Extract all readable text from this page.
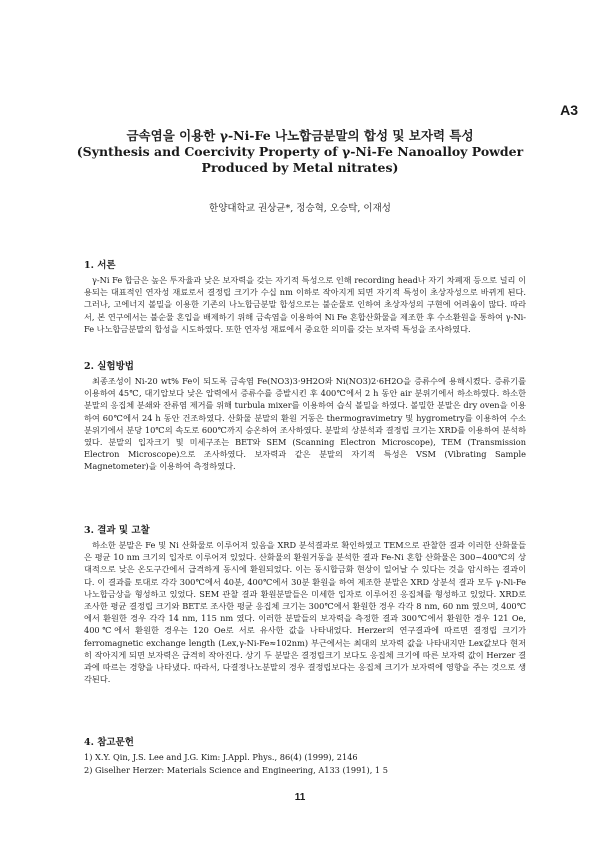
A3
금속염을 이용한 γ-Ni-Fe 나노합금분말의 합성 및 보자력 특성
(Synthesis and Coercivity Property of γ-Ni-Fe Nanoalloy Powder
Produced by Metal nitrates)
한양대학교 권상균*, 정승혁, 오승탁, 이재성

1. 서론

γ-Ni Fe 합금은 높은 투자율과 낮은 보자력을 갖는 자기적 특성으로 인해 recording head나 자기 차폐재 등으로 널리 이용되는 대표적인 연자성 재료로서 결정립 크기가 수십 nm 이하로 작아지게 되면 자기적 특성이 초상자성으로 바뀌게 된다. 그러나, 고에너지 볼밀을 이용한 기존의 나노합금분말 합성으로는 불순물로 인하여 초상자성의 구현에 어려움이 많다. 따라서, 본 연구에서는 불순물 혼입을 배제하기 위해 금속염을 이용하여 Ni Fe 혼합산화물을 제조한 후 수소환원을 통하여 γ-Ni-Fe 나노합금분말의 합성을 시도하였다. 또한 연자성 재료에서 중요한 의미를 갖는 보자력 특성을 조사하였다.

2. 실험방법

최종조성이 Ni-20 wt% Fe이 되도록 금속염 Fe(NO3)3·9H2O와 Ni(NO3)2·6H2O을 증류수에 용해시켰다. 증류기를 이용하여 45℃, 대기압보다 낮은 압력에서 증류수를 증발시킨 후 400℃에서 2 h 동안 air 분위기에서 하소하였다. 하소한 분말의 응집체 분쇄와 잔류염 제거를 위해 turbula mixer를 이용하여 습식 볼밀을 하였다. 볼밀한 분말은 dry oven을 이용하여 60℃에서 24 h 동안 건조하였다. 산화물 분말의 환원 거동은 thermogravimetry 및 hygrometry를 이용하여 수소 분위기에서 분당 10℃의 속도로 600℃까지 승온하여 조사하였다. 분말의 상분석과 결정립 크기는 XRD를 이용하여 분석하였다. 분말의 입자크기 및 미세구조는 BET와 SEM (Scanning Electron Microscope), TEM (Transmission Electron Microscope)으로 조사하였다. 보자력과 같은 분말의 자기적 특성은 VSM (Vibrating Sample Magnetometer)을 이용하여 측정하였다.

3. 결과 및 고찰

하소한 분말은 Fe 및 Ni 산화물로 이루어져 있음을 XRD 분석결과로 확인하였고 TEM으로 관찰한 결과 이러한 산화물들은 평균 10 nm 크기의 입자로 이루어져 있었다. 산화물의 환원거동을 분석한 결과 Fe-Ni 혼합 산화물은 300~400℃의 상대적으로 낮은 온도구간에서 급격하게 동시에 환원되었다. 이는 동시합금화 현상이 일어날 수 있다는 것을 암시하는 결과이다. 이 결과를 토대로 각각 300℃에서 40분, 400℃에서 30분 환원을 하여 제조한 분말은 XRD 상분석 결과 모두 γ-Ni-Fe 나노합금상을 형성하고 있었다. SEM 관찰 결과 환원분말들은 미세한 입자로 이루어진 응집체를 형성하고 있었다. XRD로 조사한 평균 결정립 크기와 BET로 조사한 평균 응집체 크기는 300℃에서 환원한 경우 각각 8 nm, 60 nm 였으며, 400℃에서 환원한 경우 각각 14 nm, 115 nm 였다. 이러한 분말들의 보자력을 측정한 결과 300℃에서 환원한 경우 121 Oe, 400℃에서 환원한 경우는 120 Oe로 서로 유사한 값을 나타내었다. Herzer의 연구결과에 따르면 결정립 크기가 ferromagnetic exchange length (Lex,γ-Ni-Fe≈102nm) 부근에서는 최대의 보자력 값을 나타내지만 Lex값보다 현저히 작아지게 되면 보자력은 급격히 작아진다. 상기 두 분말은 결정립크기 보다도 응집체 크기에 따른 보자력 값이 Herzer 결과에 따르는 경향을 나타냈다. 따라서, 다결정나노분말의 경우 결정립보다는 응집체 크기가 보자력에 영향을 주는 것으로 생각된다.

4. 참고문헌

1) X.Y. Qin, J.S. Lee and J.G. Kim: J.Appl. Phys., 86(4) (1999), 2146

2) Giselher Herzer: Materials Science and Engineering, A133 (1991), 1 5

11
